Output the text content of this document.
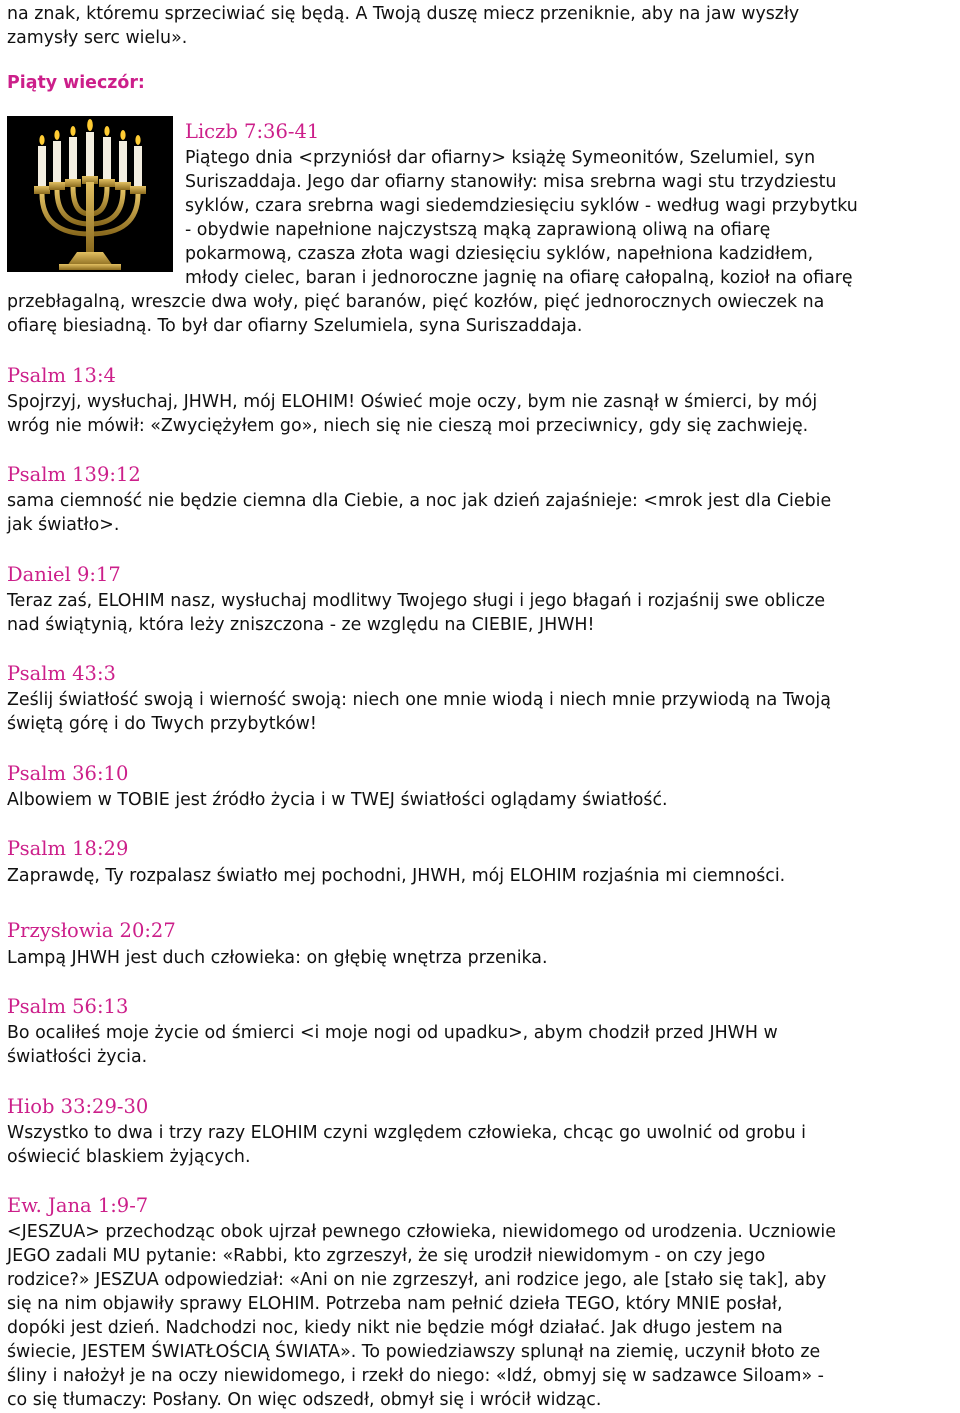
na znak, któremu sprzeciwiać się będą. A Twoją duszę miecz przeniknie, aby na jaw wyszły

zamysły serc wielu».

Piąty wieczór:

Liczb 7:36-41

Piątego dnia <przyniósł dar ofiarny> książę Symeonitów, Szelumiel, syn

Suriszaddaja. Jego dar ofiarny stanowiły: misa srebrna wagi stu trzydziestu

syklów, czara srebrna wagi siedemdziesięciu syklów - według wagi przybytku

- obydwie napełnione najczystszą mąką zaprawioną oliwą na ofiarę

pokarmową, czasza złota wagi dziesięciu syklów, napełniona kadzidłem,

młody cielec, baran i jednoroczne jagnię na ofiarę całopalną, kozioł na ofiarę

przebłagalną, wreszcie dwa woły, pięć baranów, pięć kozłów, pięć jednorocznych owieczek na

ofiarę biesiadną. To był dar ofiarny Szelumiela, syna Suriszaddaja.

Psalm 13:4

Spojrzyj, wysłuchaj, JHWH, mój ELOHIM! Oświeć moje oczy, bym nie zasnął w śmierci, by mój

wróg nie mówił: «Zwyciężyłem go», niech się nie cieszą moi przeciwnicy, gdy się zachwieję.

Psalm 139:12

sama ciemność nie będzie ciemna dla Ciebie, a noc jak dzień zajaśnieje: <mrok jest dla Ciebie

jak światło>.

Daniel 9:17

Teraz zaś, ELOHIM nasz, wysłuchaj modlitwy Twojego sługi i jego błagań i rozjaśnij swe oblicze

nad świątynią, która leży zniszczona - ze względu na CIEBIE, JHWH!

Psalm 43:3

Ześlij światłość swoją i wierność swoją: niech one mnie wiodą i niech mnie przywiodą na Twoją

świętą górę i do Twych przybytków!

Psalm 36:10

Albowiem w TOBIE jest źródło życia i w TWEJ światłości oglądamy światłość.

Psalm 18:29

Zaprawdę, Ty rozpalasz światło mej pochodni, JHWH, mój ELOHIM rozjaśnia mi ciemności.

Przysłowia 20:27

Lampą JHWH jest duch człowieka: on głębię wnętrza przenika.

Psalm 56:13

Bo ocaliłeś moje życie od śmierci <i moje nogi od upadku>, abym chodził przed JHWH w

światłości życia.

Hiob 33:29-30

Wszystko to dwa i trzy razy ELOHIM czyni względem człowieka, chcąc go uwolnić od grobu i

oświecić blaskiem żyjących.

Ew. Jana 1:9-7

<JESZUA> przechodząc obok ujrzał pewnego człowieka, niewidomego od urodzenia. Uczniowie

JEGO zadali MU pytanie: «Rabbi, kto zgrzeszył, że się urodził niewidomym - on czy jego

rodzice?» JESZUA odpowiedział: «Ani on nie zgrzeszył, ani rodzice jego, ale [stało się tak], aby

się na nim objawiły sprawy ELOHIM. Potrzeba nam pełnić dzieła TEGO, który MNIE posłał,

dopóki jest dzień. Nadchodzi noc, kiedy nikt nie będzie mógł działać. Jak długo jestem na

świecie, JESTEM ŚWIATŁOŚCIĄ ŚWIATA». To powiedziawszy splunął na ziemię, uczynił błoto ze

śliny i nałożył je na oczy niewidomego, i rzekł do niego: «Idź, obmyj się w sadzawce Siloam» -

co się tłumaczy: Posłany. On więc odszedł, obmył się i wrócił widząc.
